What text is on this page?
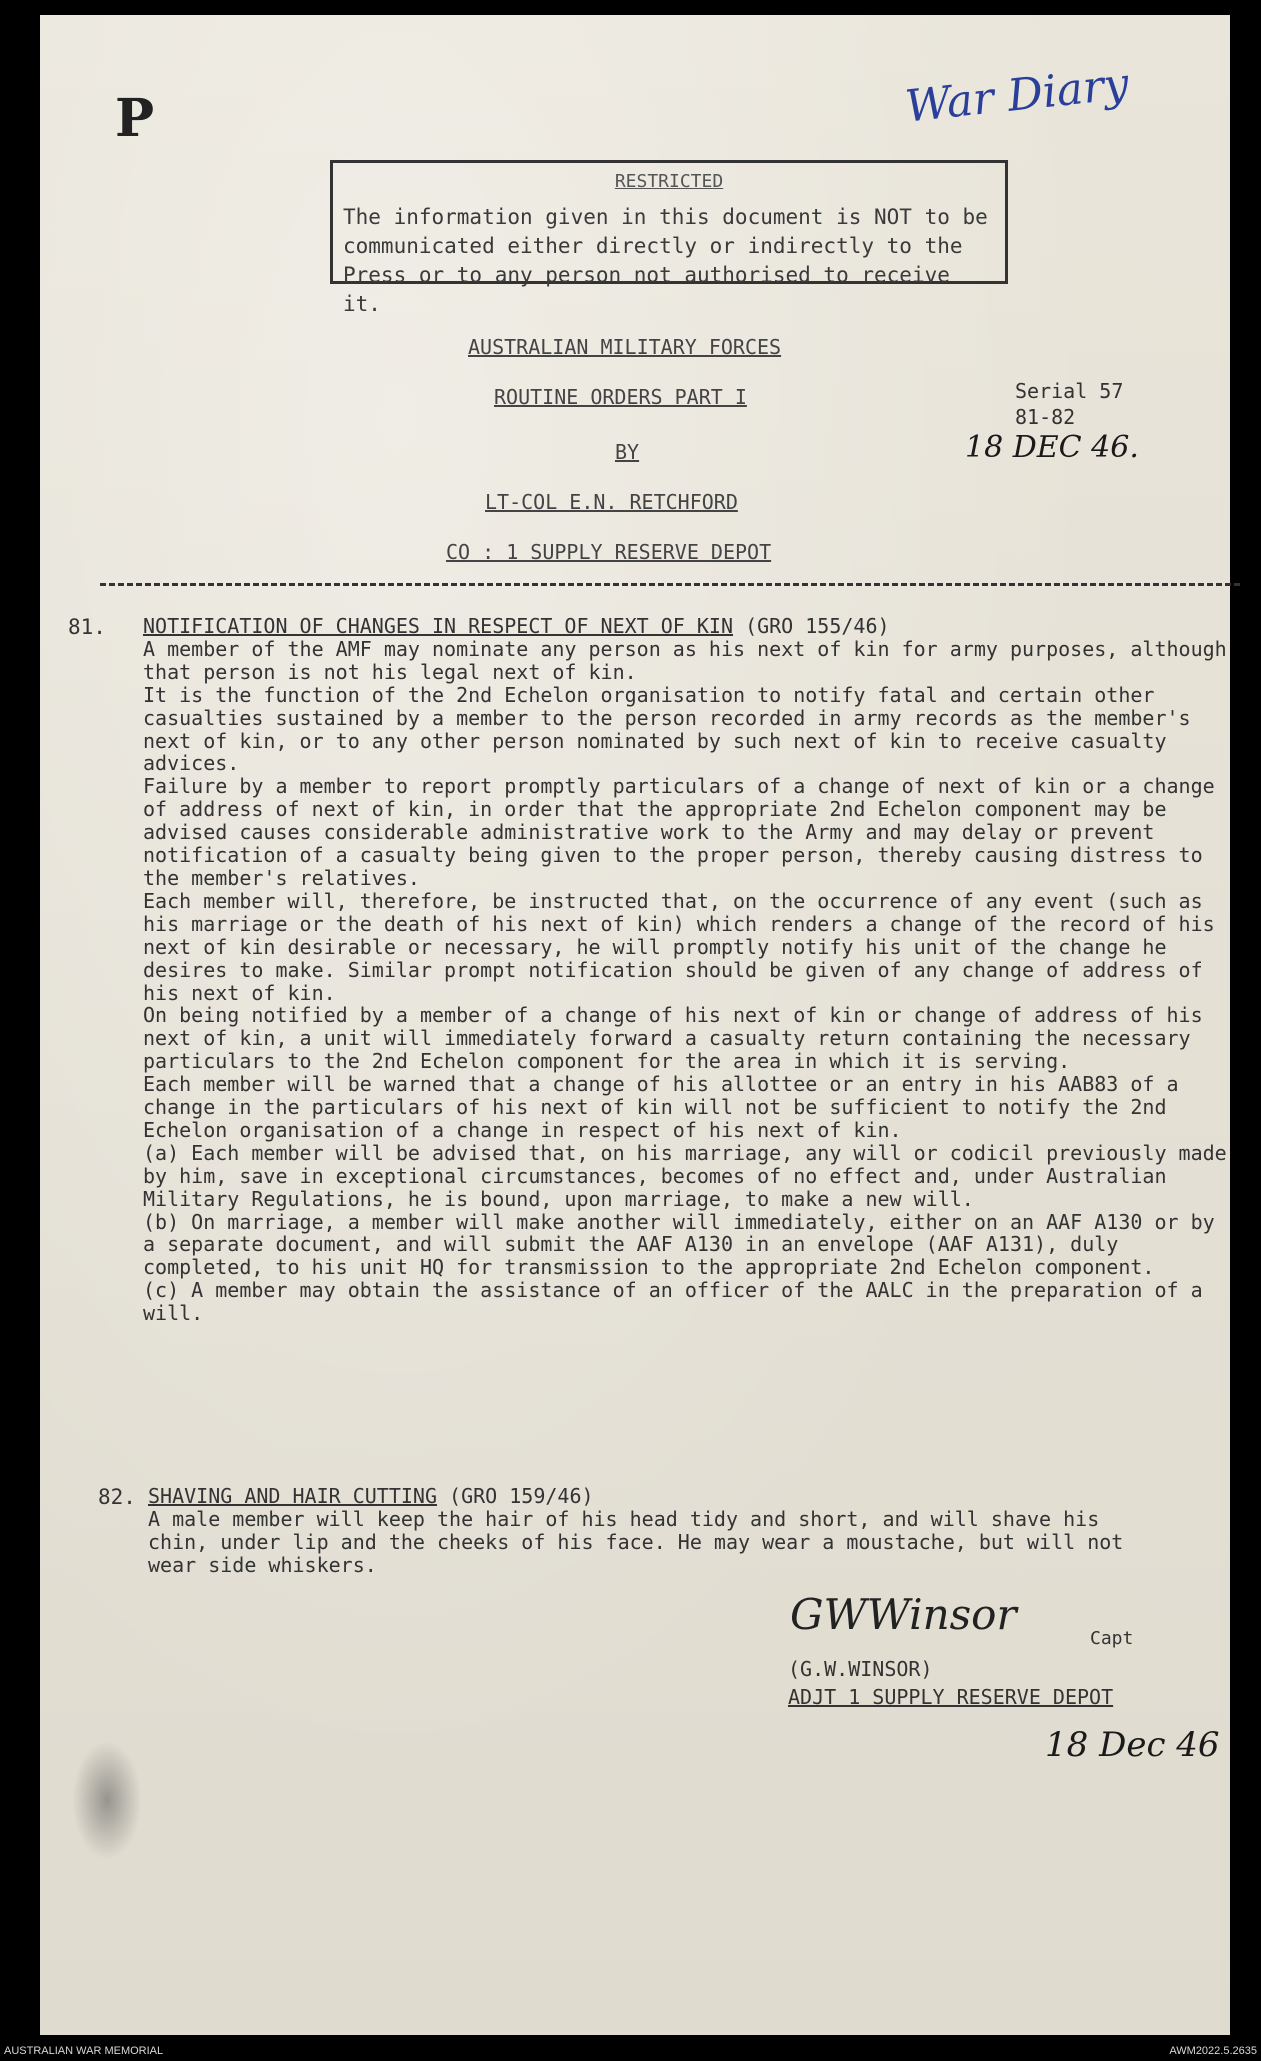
P	War Diary
RESTRICTED
The information given in this document is NOT to be communicated either directly or indirectly to the Press or to any person not authorised to receive it.
AUSTRALIAN MILITARY FORCES
ROUTINE ORDERS PART I
BY
LT-COL E.N. RETCHFORD
CO : 1 SUPPLY RESERVE DEPOT
Serial 57
81-82
18 DEC 46.
81. NOTIFICATION OF CHANGES IN RESPECT OF NEXT OF KIN (GRO 155/46)
A member of the AMF may nominate any person as his next of kin for army purposes, although that person is not his legal next of kin.
It is the function of the 2nd Echelon organisation to notify fatal and certain other casualties sustained by a member to the person recorded in army records as the member's next of kin, or to any other person nominated by such next of kin to receive casualty advices.
Failure by a member to report promptly particulars of a change of next of kin or a change of address of next of kin, in order that the appropriate 2nd Echelon component may be advised causes considerable administrative work to the Army and may delay or prevent notification of a casualty being given to the proper person, thereby causing distress to the member's relatives.
Each member will, therefore, be instructed that, on the occurrence of any event (such as his marriage or the death of his next of kin) which renders a change of the record of his next of kin desirable or necessary, he will promptly notify his unit of the change he desires to make. Similar prompt notification should be given of any change of address of his next of kin.
On being notified by a member of a change of his next of kin or change of address of his next of kin, a unit will immediately forward a casualty return containing the necessary particulars to the 2nd Echelon component for the area in which it is serving.
Each member will be warned that a change of his allottee or an entry in his AAB83 of a change in the particulars of his next of kin will not be sufficient to notify the 2nd Echelon organisation of a change in respect of his next of kin.
(a) Each member will be advised that, on his marriage, any will or codicil previously made by him, save in exceptional circumstances, becomes of no effect and, under Australian Military Regulations, he is bound, upon marriage, to make a new will.
(b) On marriage, a member will make another will immediately, either on an AAF A130 or by a separate document, and will submit the AAF A130 in an envelope (AAF A131), duly completed, to his unit HQ for transmission to the appropriate 2nd Echelon component.
(c) A member may obtain the assistance of an officer of the AALC in the preparation of a will.
82. SHAVING AND HAIR CUTTING (GRO 159/46)
A male member will keep the hair of his head tidy and short, and will shave his chin, under lip and the cheeks of his face. He may wear a moustache, but will not wear side whiskers.
GWWinsor	Capt
(G.W.WINSOR)
ADJT 1 SUPPLY RESERVE DEPOT
18 Dec 46
AUSTRALIAN WAR MEMORIAL	AWM2022.5.2635
